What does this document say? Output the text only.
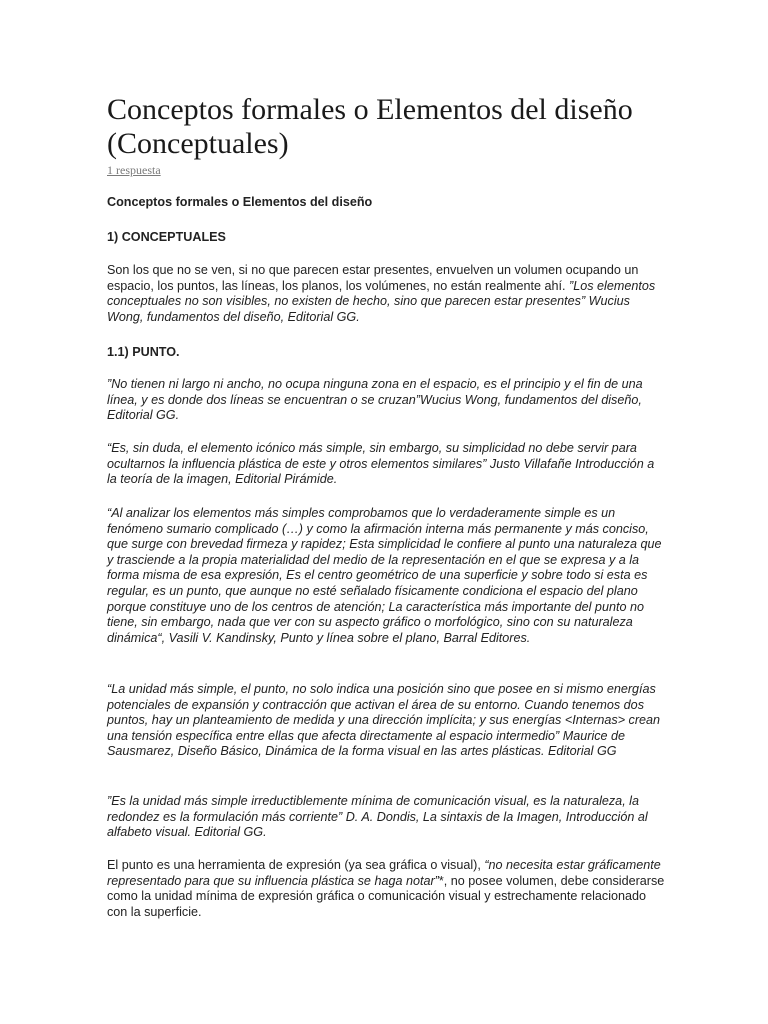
Conceptos formales o Elementos del diseño (Conceptuales)
1 respuesta

Conceptos formales o Elementos del diseño

1) CONCEPTUALES

Son los que no se ven, si no que parecen estar presentes, envuelven un volumen ocupando un espacio, los puntos, las líneas, los planos, los volúmenes, no están realmente ahí. ”Los elementos conceptuales no son visibles, no existen de hecho, sino que parecen estar presentes” Wucius Wong, fundamentos del diseño, Editorial GG.

1.1) PUNTO.

”No tienen ni largo ni ancho, no ocupa ninguna zona en el espacio, es el principio y el fin de una línea, y es donde dos líneas se encuentran o se cruzan”Wucius Wong, fundamentos del diseño, Editorial GG.

“Es, sin duda, el elemento icónico más simple, sin embargo, su simplicidad no debe servir para ocultarnos la influencia plástica de este y otros elementos similares” Justo Villafañe Introducción a la teoría de la imagen, Editorial Pirámide.

“Al analizar los elementos más simples comprobamos que lo verdaderamente simple es un fenómeno sumario complicado (…) y como la afirmación interna más permanente y más conciso, que surge con brevedad firmeza y rapidez; Esta simplicidad le confiere al punto una naturaleza que y trasciende a la propia materialidad del medio de la representación en el que se expresa y a la forma misma de esa expresión, Es el centro geométrico de una superficie y sobre todo si esta es regular, es un punto, que aunque no esté señalado físicamente condiciona el espacio del plano porque constituye uno de los centros de atención; La característica más importante del punto no tiene, sin embargo, nada que ver con su aspecto gráfico o morfológico, sino con su naturaleza dinámica“, Vasili V. Kandinsky, Punto y línea sobre el plano, Barral Editores.

“La unidad más simple, el punto, no solo indica una posición sino que posee en si mismo energías potenciales de expansión y contracción que activan el área de su entorno. Cuando tenemos dos puntos, hay un planteamiento de medida y una dirección implícita; y sus energías <Internas> crean una tensión específica entre ellas que afecta directamente al espacio intermedio” Maurice de Sausmarez, Diseño Básico, Dinámica de la forma visual en las artes plásticas. Editorial GG

”Es la unidad más simple irreductiblemente mínima de comunicación visual, es la naturaleza, la redondez es la formulación más corriente” D. A. Dondis, La sintaxis de la Imagen, Introducción al alfabeto visual. Editorial GG.

El punto es una herramienta de expresión (ya sea gráfica o visual), “no necesita estar gráficamente representado para que su influencia plástica se haga notar”*, no posee volumen, debe considerarse como la unidad mínima de expresión gráfica o comunicación visual y estrechamente relacionado con la superficie.
